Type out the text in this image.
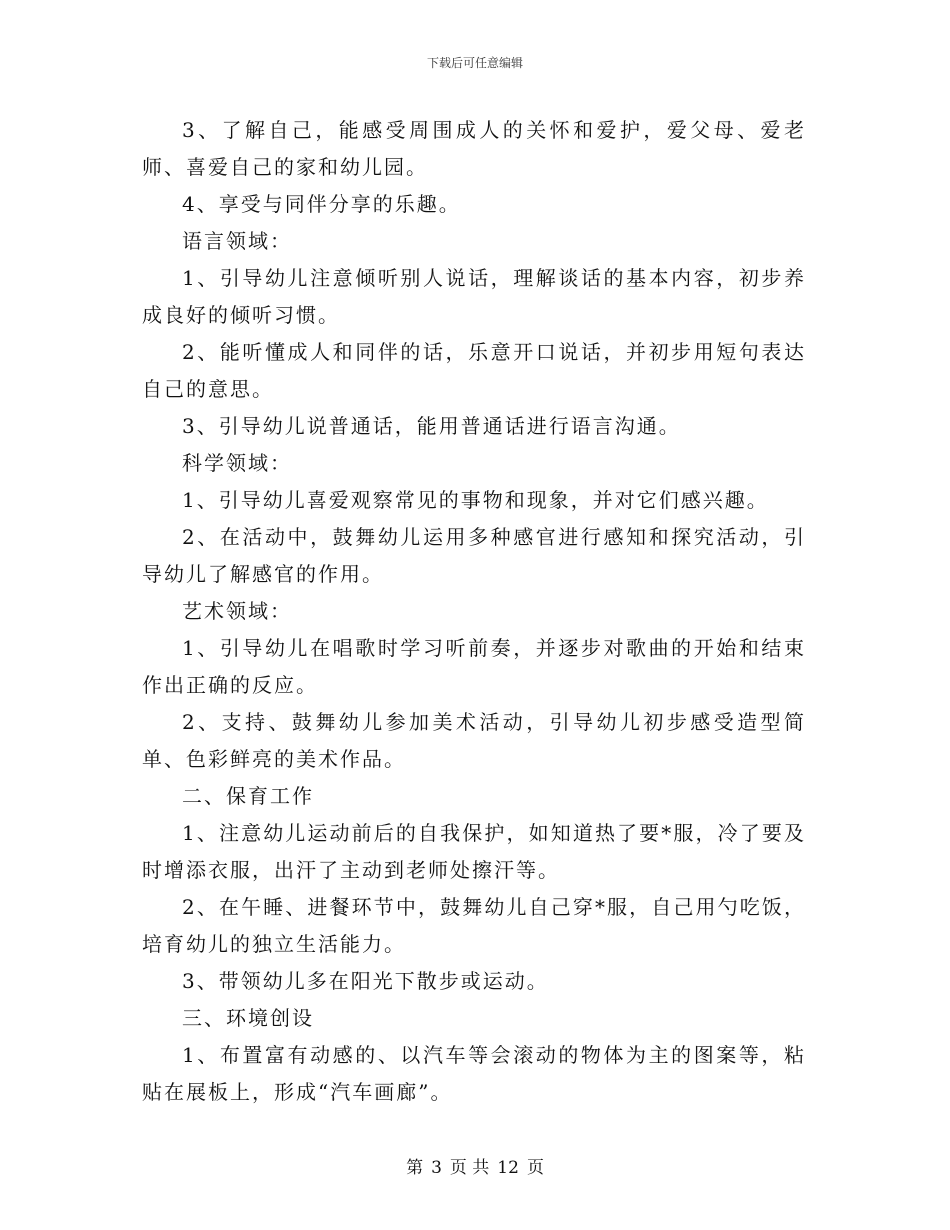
下载后可任意编辑

3、了解自己，能感受周围成人的关怀和爱护，爱父母、爱老师、喜爱自己的家和幼儿园。

4、享受与同伴分享的乐趣。

语言领域：

1、引导幼儿注意倾听别人说话，理解谈话的基本内容，初步养成良好的倾听习惯。

2、能听懂成人和同伴的话，乐意开口说话，并初步用短句表达自己的意思。

3、引导幼儿说普通话，能用普通话进行语言沟通。

科学领域：

1、引导幼儿喜爱观察常见的事物和现象，并对它们感兴趣。

2、在活动中，鼓舞幼儿运用多种感官进行感知和探究活动，引导幼儿了解感官的作用。

艺术领域：

1、引导幼儿在唱歌时学习听前奏，并逐步对歌曲的开始和结束作出正确的反应。

2、支持、鼓舞幼儿参加美术活动，引导幼儿初步感受造型简单、色彩鲜亮的美术作品。

二、保育工作

1、注意幼儿运动前后的自我保护，如知道热了要*服，冷了要及时增添衣服，出汗了主动到老师处擦汗等。

2、在午睡、进餐环节中，鼓舞幼儿自己穿*服，自己用勺吃饭，培育幼儿的独立生活能力。

3、带领幼儿多在阳光下散步或运动。

三、环境创设

1、布置富有动感的、以汽车等会滚动的物体为主的图案等，粘贴在展板上，形成“汽车画廊”。

第 3 页 共 12 页
